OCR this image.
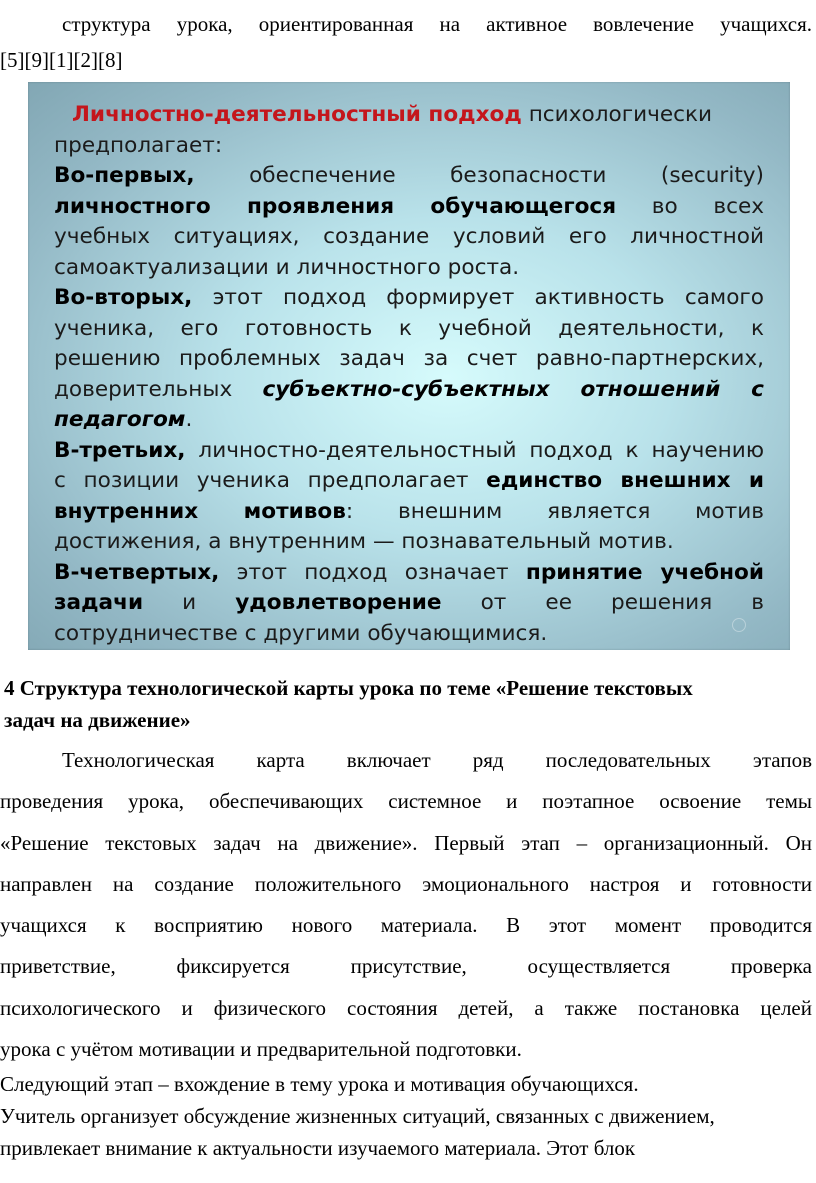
структура урока, ориентированная на активное вовлечение учащихся.
[5][9][1][2][8]
Личностно-деятельностный подход психологически
предполагает:
Во-первых,	обеспечение безопасности (security)
личностного проявления обучающегося во всех
учебных ситуациях, создание условий его личностной
самоактуализации и личностного роста.
Во-вторых, этот подход формирует активность самого
ученика, его готовность к учебной деятельности, к
решению проблемных задач за счет равно-партнерских,
доверительных субъектно-субъектных отношений с
педагогом.
В-третьих, личностно-деятельностный подход к научению
с позиции ученика предполагает единство внешних и
внутренних мотивов: внешним является мотив
достижения, а внутренним — познавательный мотив.
В-четвертых, этот подход означает принятие учебной
задачи и удовлетворение от ее решения в
сотрудничестве с другими обучающимися.
4 Структура технологической карты урока по теме «Решение текстовых
задач на движение»
Технологическая карта включает ряд последовательных этапов
проведения урока, обеспечивающих системное и поэтапное освоение темы
«Решение текстовых задач на движение». Первый этап – организационный. Он
направлен на создание положительного эмоционального настроя и готовности
учащихся к восприятию нового материала. В этот момент проводится
приветствие, фиксируется присутствие, осуществляется проверка
психологического и физического состояния детей, а также постановка целей
урока с учётом мотивации и предварительной подготовки.
Следующий этап – вхождение в тему урока и мотивация обучающихся.
Учитель организует обсуждение жизненных ситуаций, связанных с движением,
привлекает внимание к актуальности изучаемого материала. Этот блок
